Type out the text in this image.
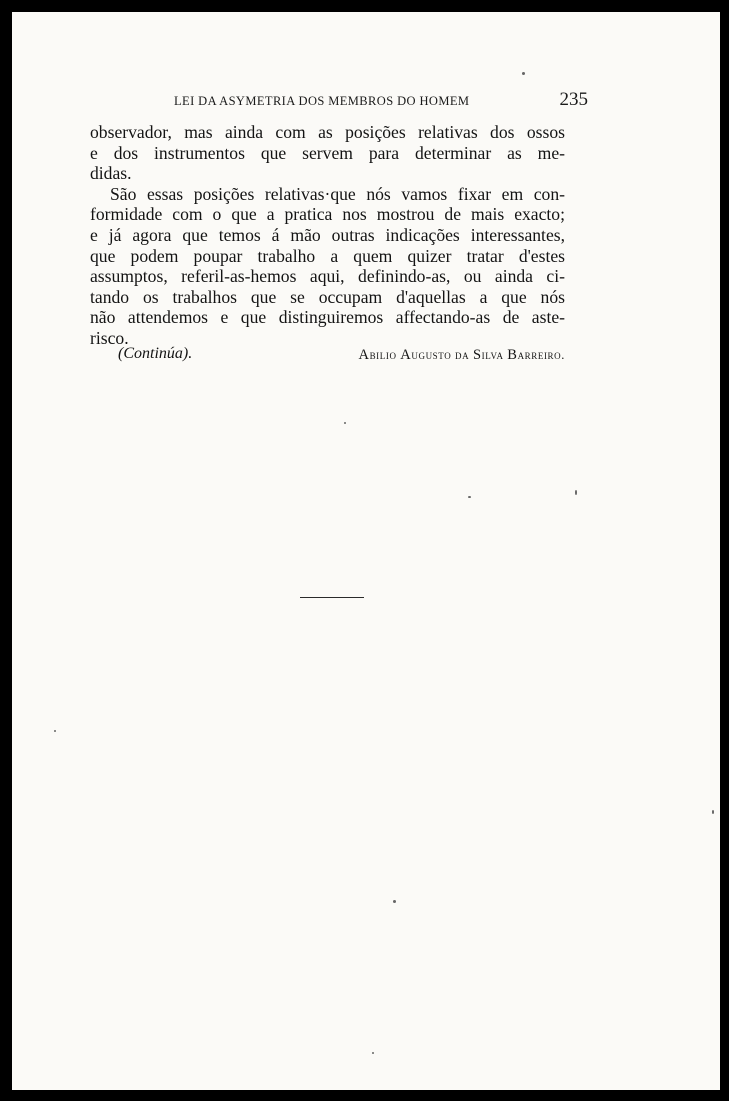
LEI DA ASYMETRIA DOS MEMBROS DO HOMEM	235
observador, mas ainda com as posições relativas dos ossos
e dos instrumentos que servem para determinar as me-
didas.
São essas posições relativas·que nós vamos fixar em con-
formidade com o que a pratica nos mostrou de mais exacto;
e já agora que temos á mão outras indicações interessantes,
que podem poupar trabalho a quem quizer tratar d'estes
assumptos, referil-as-hemos aqui, definindo-as, ou ainda ci-
tando os trabalhos que se occupam d'aquellas a que nós
não attendemos e que distinguiremos affectando-as de aste-
risco.
(Continúa).	Abilio Augusto da Silva Barreiro.
